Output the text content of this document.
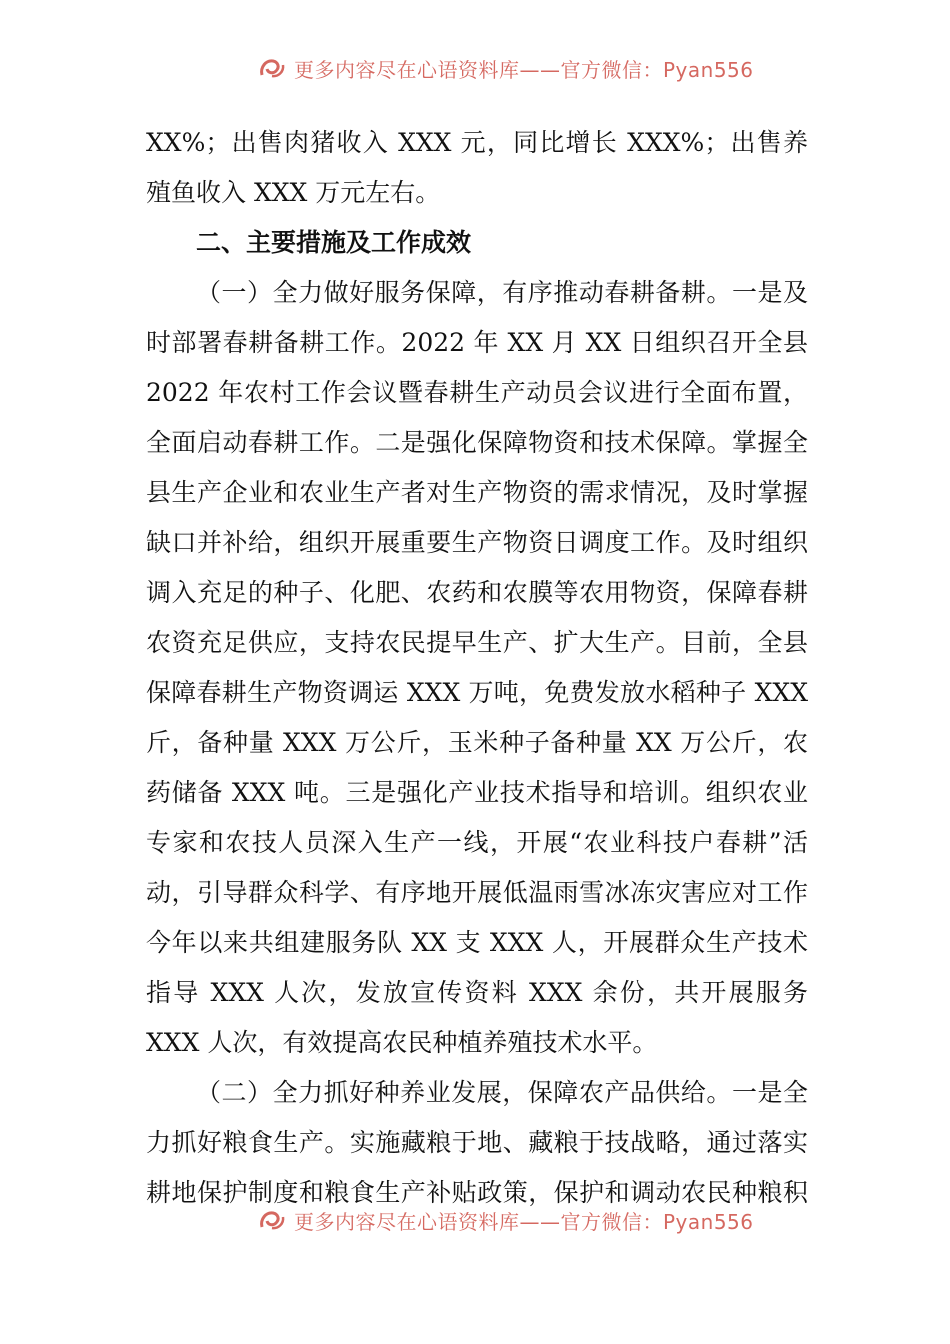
更多内容尽在心语资料库——官方微信：Pyan556
XX%；出售肉猪收入 XXX 元，同比增长 XXX%；出售养
殖鱼收入 XXX 万元左右。
二、主要措施及工作成效
（一）全力做好服务保障，有序推动春耕备耕。一是及
时部署春耕备耕工作。2022 年 XX 月 XX 日组织召开全县
2022 年农村工作会议暨春耕生产动员会议进行全面布置，
全面启动春耕工作。二是强化保障物资和技术保障。掌握全
县生产企业和农业生产者对生产物资的需求情况，及时掌握
缺口并补给，组织开展重要生产物资日调度工作。及时组织
调入充足的种子、化肥、农药和农膜等农用物资，保障春耕
农资充足供应，支持农民提早生产、扩大生产。目前，全县
保障春耕生产物资调运 XXX 万吨，免费发放水稻种子 XXX
斤，备种量 XXX 万公斤，玉米种子备种量 XX 万公斤，农
药储备 XXX 吨。三是强化产业技术指导和培训。组织农业
专家和农技人员深入生产一线，开展“农业科技户春耕”活
动，引导群众科学、有序地开展低温雨雪冰冻灾害应对工作
今年以来共组建服务队 XX 支 XXX 人，开展群众生产技术
指导 XXX 人次，发放宣传资料 XXX 余份，共开展服务
XXX 人次，有效提高农民种植养殖技术水平。
（二）全力抓好种养业发展，保障农产品供给。一是全
力抓好粮食生产。实施藏粮于地、藏粮于技战略，通过落实
耕地保护制度和粮食生产补贴政策，保护和调动农民种粮积
更多内容尽在心语资料库——官方微信：Pyan556
